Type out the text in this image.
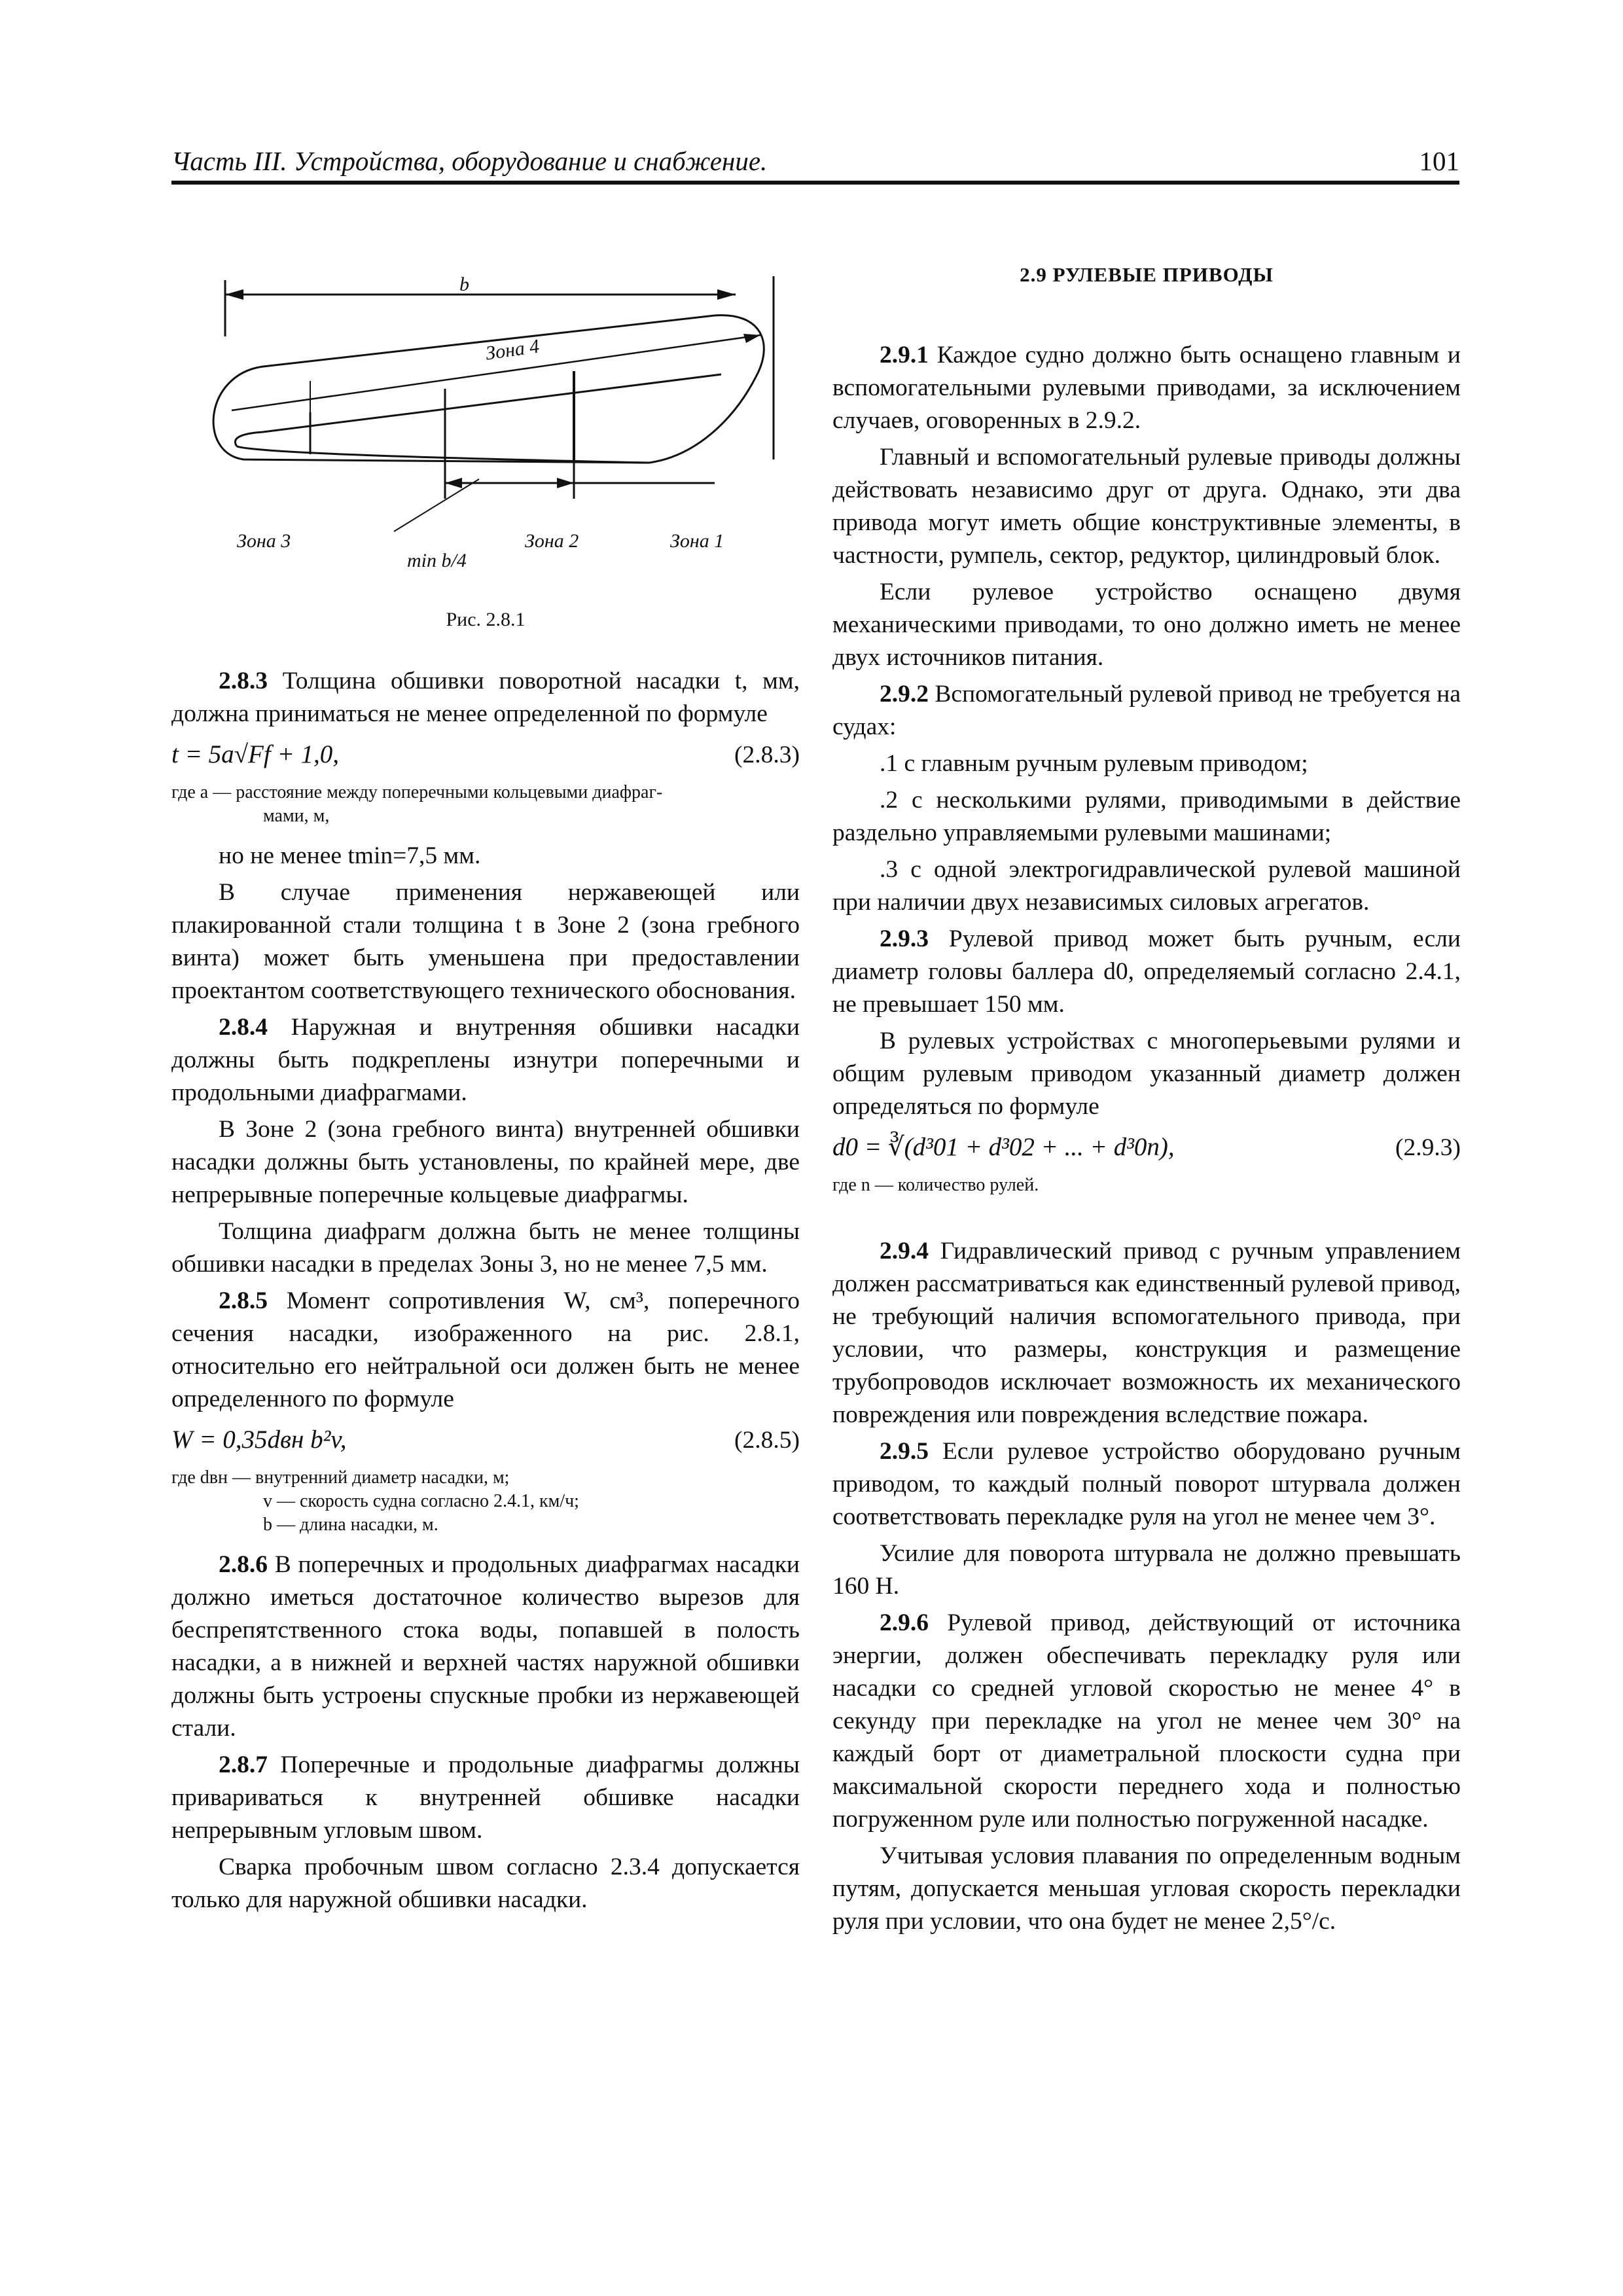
Часть III. Устройства, оборудование и снабжение.	101
b
Зона 4
Зона 3	Зона 2	Зона 1
min b/4
Рис. 2.8.1

2.8.3 Толщина обшивки поворотной насадки t, мм, должна приниматься не менее определенной по формуле

t = 5a√Ff + 1,0,	(2.8.3)
где a — расстояние между поперечными кольцевыми диафраг-
мами, м,

но не менее tmin=7,5 мм.

В случае применения нержавеющей или плакированной стали толщина t в Зоне 2 (зона гребного винта) может быть уменьшена при предоставлении проектантом соответствующего технического обоснования.

2.8.4 Наружная и внутренняя обшивки насадки должны быть подкреплены изнутри поперечными и продольными диафрагмами.

В Зоне 2 (зона гребного винта) внутренней обшивки насадки должны быть установлены, по крайней мере, две непрерывные поперечные кольцевые диафрагмы.

Толщина диафрагм должна быть не менее толщины обшивки насадки в пределах Зоны 3, но не менее 7,5 мм.

2.8.5 Момент сопротивления W, см³, поперечного сечения насадки, изображенного на рис. 2.8.1, относительно его нейтральной оси должен быть не менее определенного по формуле

W = 0,35dвн b²v,	(2.8.5)
где dвн — внутренний диаметр насадки, м;
v — скорость судна согласно 2.4.1, км/ч;
b — длина насадки, м.

2.8.6 В поперечных и продольных диафрагмах насадки должно иметься достаточное количество вырезов для беспрепятственного стока воды, попавшей в полость насадки, а в нижней и верхней частях наружной обшивки должны быть устроены спускные пробки из нержавеющей стали.

2.8.7 Поперечные и продольные диафрагмы должны привариваться к внутренней обшивке насадки непрерывным угловым швом.

Сварка пробочным швом согласно 2.3.4 допускается только для наружной обшивки насадки.

2.9 РУЛЕВЫЕ ПРИВОДЫ

2.9.1 Каждое судно должно быть оснащено главным и вспомогательными рулевыми приводами, за исключением случаев, оговоренных в 2.9.2.

Главный и вспомогательный рулевые приводы должны действовать независимо друг от друга. Однако, эти два привода могут иметь общие конструктивные элементы, в частности, румпель, сектор, редуктор, цилиндровый блок.

Если рулевое устройство оснащено двумя механическими приводами, то оно должно иметь не менее двух источников питания.

2.9.2 Вспомогательный рулевой привод не требуется на судах:

.1 с главным ручным рулевым приводом;

.2 с несколькими рулями, приводимыми в действие раздельно управляемыми рулевыми машинами;

.3 с одной электрогидравлической рулевой машиной при наличии двух независимых силовых агрегатов.

2.9.3 Рулевой привод может быть ручным, если диаметр головы баллера d0, определяемый согласно 2.4.1, не превышает 150 мм.

В рулевых устройствах с многоперьевыми рулями и общим рулевым приводом указанный диаметр должен определяться по формуле

d0 = ∛(d³01 + d³02 + ... + d³0n),	(2.9.3)
где n — количество рулей.

2.9.4 Гидравлический привод с ручным управлением должен рассматриваться как единственный рулевой привод, не требующий наличия вспомогательного привода, при условии, что размеры, конструкция и размещение трубопроводов исключает возможность их механического повреждения или повреждения вследствие пожара.

2.9.5 Если рулевое устройство оборудовано ручным приводом, то каждый полный поворот штурвала должен соответствовать перекладке руля на угол не менее чем 3°.

Усилие для поворота штурвала не должно превышать 160 Н.

2.9.6 Рулевой привод, действующий от источника энергии, должен обеспечивать перекладку руля или насадки со средней угловой скоростью не менее 4° в секунду при перекладке на угол не менее чем 30° на каждый борт от диаметральной плоскости судна при максимальной скорости переднего хода и полностью погруженном руле или полностью погруженной насадке.

Учитывая условия плавания по определенным водным путям, допускается меньшая угловая скорость перекладки руля при условии, что она будет не менее 2,5°/с.
